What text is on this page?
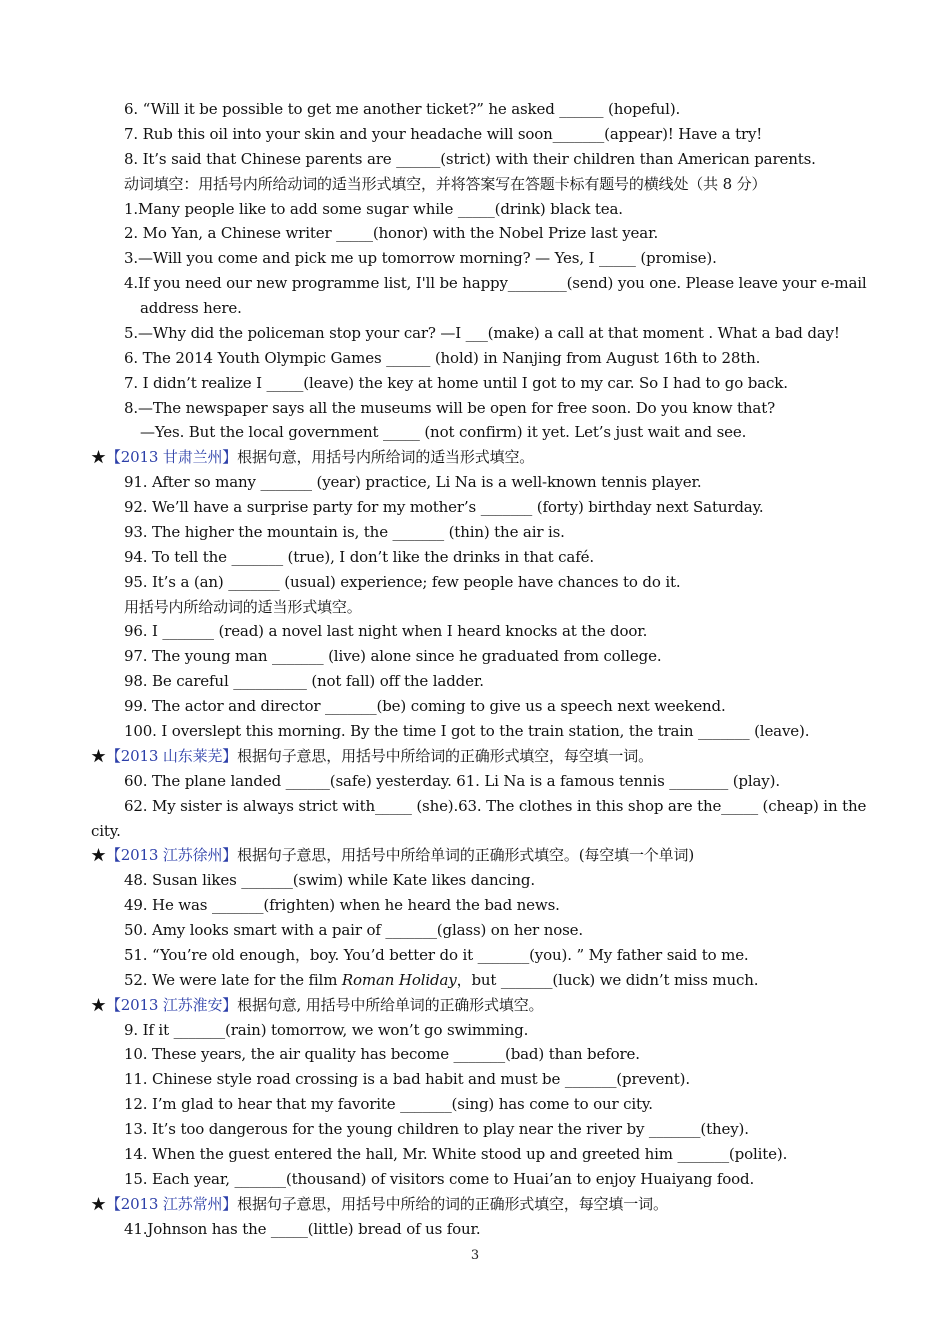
6. “Will it be possible to get me another ticket?” he asked ______ (hopeful).
7. Rub this oil into your skin and your headache will soon_______(appear)! Have a try!
8. It’s said that Chinese parents are ______(strict) with their children than American parents.
动词填空：用括号内所给动词的适当形式填空，并将答案写在答题卡标有题号的横线处（共 8 分）
1.Many people like to add some sugar while _____(drink) black tea.
2. Mo Yan, a Chinese writer _____(honor) with the Nobel Prize last year.
3.—Will you come and pick me up tomorrow morning? — Yes, I _____ (promise).
4.If you need our new programme list, I'll be happy________(send) you one. Please leave your e-mail
address here.
5.—Why did the policeman stop your car? —I ___(make) a call at that moment . What a bad day!
6. The 2014 Youth Olympic Games ______ (hold) in Nanjing from August 16th to 28th.
7. I didn’t realize I _____(leave) the key at home until I got to my car. So I had to go back.
8.—The newspaper says all the museums will be open for free soon. Do you know that?
—Yes. But the local government _____ (not confirm) it yet. Let’s just wait and see.
★【2013 甘肃兰州】根据句意，用括号内所给词的适当形式填空。
91. After so many _______ (year) practice, Li Na is a well-known tennis player.
92. We’ll have a surprise party for my mother’s _______ (forty) birthday next Saturday.
93. The higher the mountain is, the _______ (thin) the air is.
94. To tell the _______ (true), I don’t like the drinks in that café.
95. It’s a (an) _______ (usual) experience; few people have chances to do it.
用括号内所给动词的适当形式填空。
96. I _______ (read) a novel last night when I heard knocks at the door.
97. The young man _______ (live) alone since he graduated from college.
98. Be careful __________ (not fall) off the ladder.
99. The actor and director _______(be) coming to give us a speech next weekend.
100. I overslept this morning. By the time I got to the train station, the train _______ (leave).
★【2013 山东莱芜】根据句子意思，用括号中所给词的正确形式填空，每空填一词。
60. The plane landed ______(safe) yesterday. 61. Li Na is a famous tennis ________ (play).
62. My sister is always strict with_____ (she).63. The clothes in this shop are the_____ (cheap) in the
city.
★【2013 江苏徐州】根据句子意思，用括号中所给单词的正确形式填空。(每空填一个单词)
48. Susan likes _______(swim) while Kate likes dancing.
49. He was _______(frighten) when he heard the bad news.
50. Amy looks smart with a pair of _______(glass) on her nose.
51. “You’re old enough，boy. You’d better do it _______(you). ” My father said to me.
52. We were late for the film Roman Holiday，but _______(luck) we didn’t miss much.
★【2013 江苏淮安】根据句意, 用括号中所给单词的正确形式填空。
9. If it _______(rain) tomorrow, we won’t go swimming.
10. These years, the air quality has become _______(bad) than before.
11. Chinese style road crossing is a bad habit and must be _______(prevent).
12. I’m glad to hear that my favorite _______(sing) has come to our city.
13. It’s too dangerous for the young children to play near the river by _______(they).
14. When the guest entered the hall, Mr. White stood up and greeted him _______(polite).
15. Each year, _______(thousand) of visitors come to Huai’an to enjoy Huaiyang food.
★【2013 江苏常州】根据句子意思，用括号中所给的词的正确形式填空，每空填一词。
41.Johnson has the _____(little) bread of us four.
3
